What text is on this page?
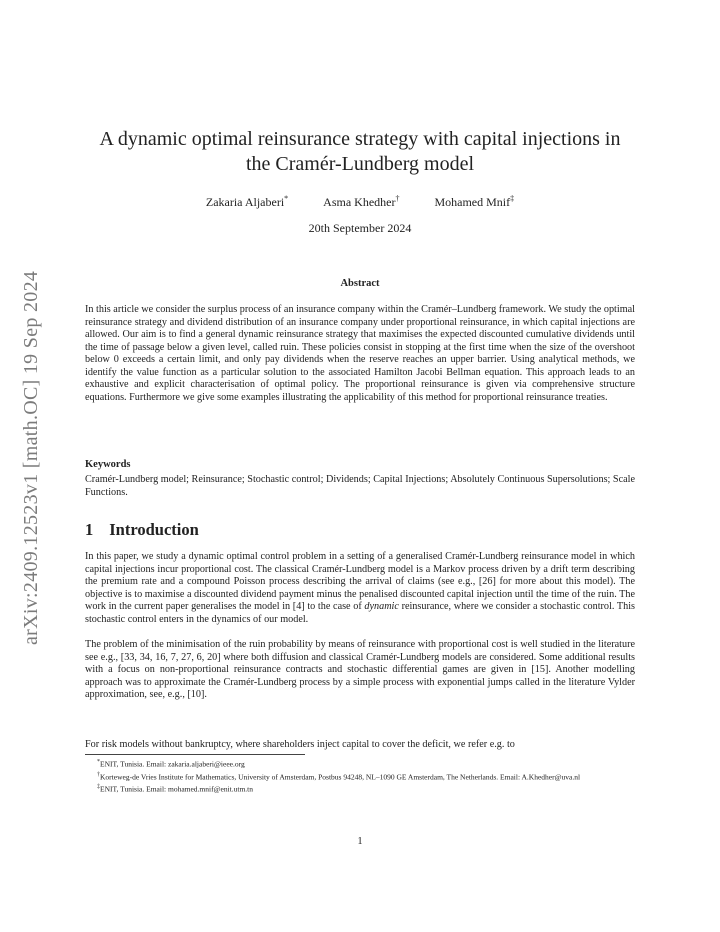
arXiv:2409.12523v1 [math.OC] 19 Sep 2024
A dynamic optimal reinsurance strategy with capital injections in
the Cramér-Lundberg model
Zakaria Aljaberi*	Asma Khedher†	Mohamed Mnif‡
20th September 2024
Abstract
In this article we consider the surplus process of an insurance company within the Cramér–Lundberg framework. We study the optimal reinsurance strategy and dividend distribution of an insurance company under proportional reinsurance, in which capital injections are allowed. Our aim is to find a general dynamic reinsurance strategy that maximises the expected discounted cumulative dividends until the time of passage below a given level, called ruin. These policies consist in stopping at the first time when the size of the overshoot below 0 exceeds a certain limit, and only pay dividends when the reserve reaches an upper barrier. Using analytical methods, we identify the value function as a particular solution to the associated Hamilton Jacobi Bellman equation. This approach leads to an exhaustive and explicit characterisation of optimal policy. The proportional reinsurance is given via comprehensive structure equations. Furthermore we give some examples illustrating the applicability of this method for proportional reinsurance treaties.
Keywords
Cramér-Lundberg model; Reinsurance; Stochastic control; Dividends; Capital Injections; Absolutely Continuous Supersolutions; Scale Functions.
1 Introduction
In this paper, we study a dynamic optimal control problem in a setting of a generalised Cramér-Lundberg reinsurance model in which capital injections incur proportional cost. The classical Cramér-Lundberg model is a Markov process driven by a drift term describing the premium rate and a compound Poisson process describing the arrival of claims (see e.g., [26] for more about this model). The objective is to maximise a discounted dividend payment minus the penalised discounted capital injection until the time of the ruin. The work in the current paper generalises the model in [4] to the case of dynamic reinsurance, where we consider a stochastic control. This stochastic control enters in the dynamics of our model.
The problem of the minimisation of the ruin probability by means of reinsurance with proportional cost is well studied in the literature see e.g., [33, 34, 16, 7, 27, 6, 20] where both diffusion and classical Cramér-Lundberg models are considered. Some additional results with a focus on non-proportional reinsurance contracts and stochastic differential games are given in [15]. Another modelling approach was to approximate the Cramér-Lundberg process by a simple process with exponential jumps called in the literature Vylder approximation, see, e.g., [10].
For risk models without bankruptcy, where shareholders inject capital to cover the deficit, we refer e.g. to
*ENIT, Tunisia. Email: zakaria.aljaberi@ieee.org
†Korteweg-de Vries Institute for Mathematics, University of Amsterdam, Postbus 94248, NL–1090 GE Amsterdam, The Netherlands. Email: A.Khedher@uva.nl
‡ENIT, Tunisia. Email: mohamed.mnif@enit.utm.tn
1
